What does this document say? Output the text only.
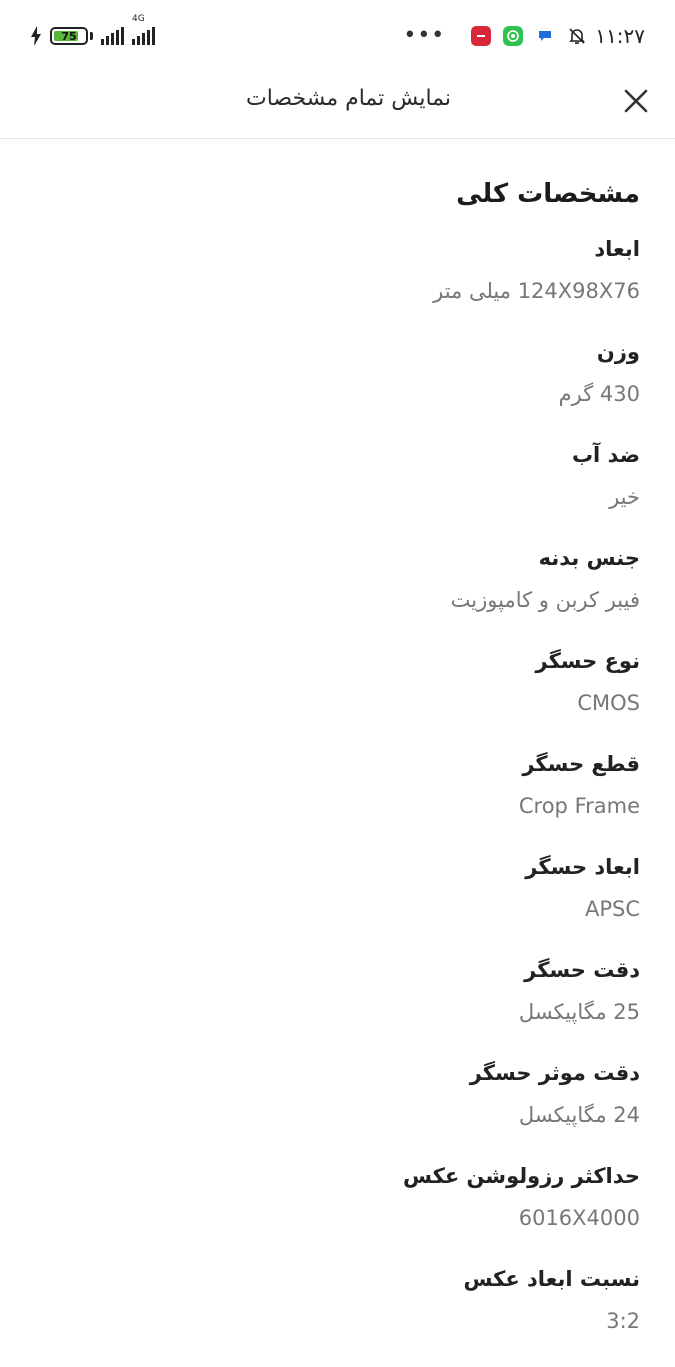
75
4G
•••	۱۱:۲۷
نمایش تمام مشخصات
مشخصات کلی
ابعاد
124X98X76 میلی متر
وزن
430 گرم
ضد آب
خیر
جنس بدنه
فیبر کربن و کامپوزیت
نوع حسگر
CMOS
قطع حسگر
Crop Frame
ابعاد حسگر
APSC
دقت حسگر
25 مگاپیکسل
دقت موثر حسگر
24 مگاپیکسل
حداکثر رزولوشن عکس
6016X4000
نسبت ابعاد عکس
3:2
